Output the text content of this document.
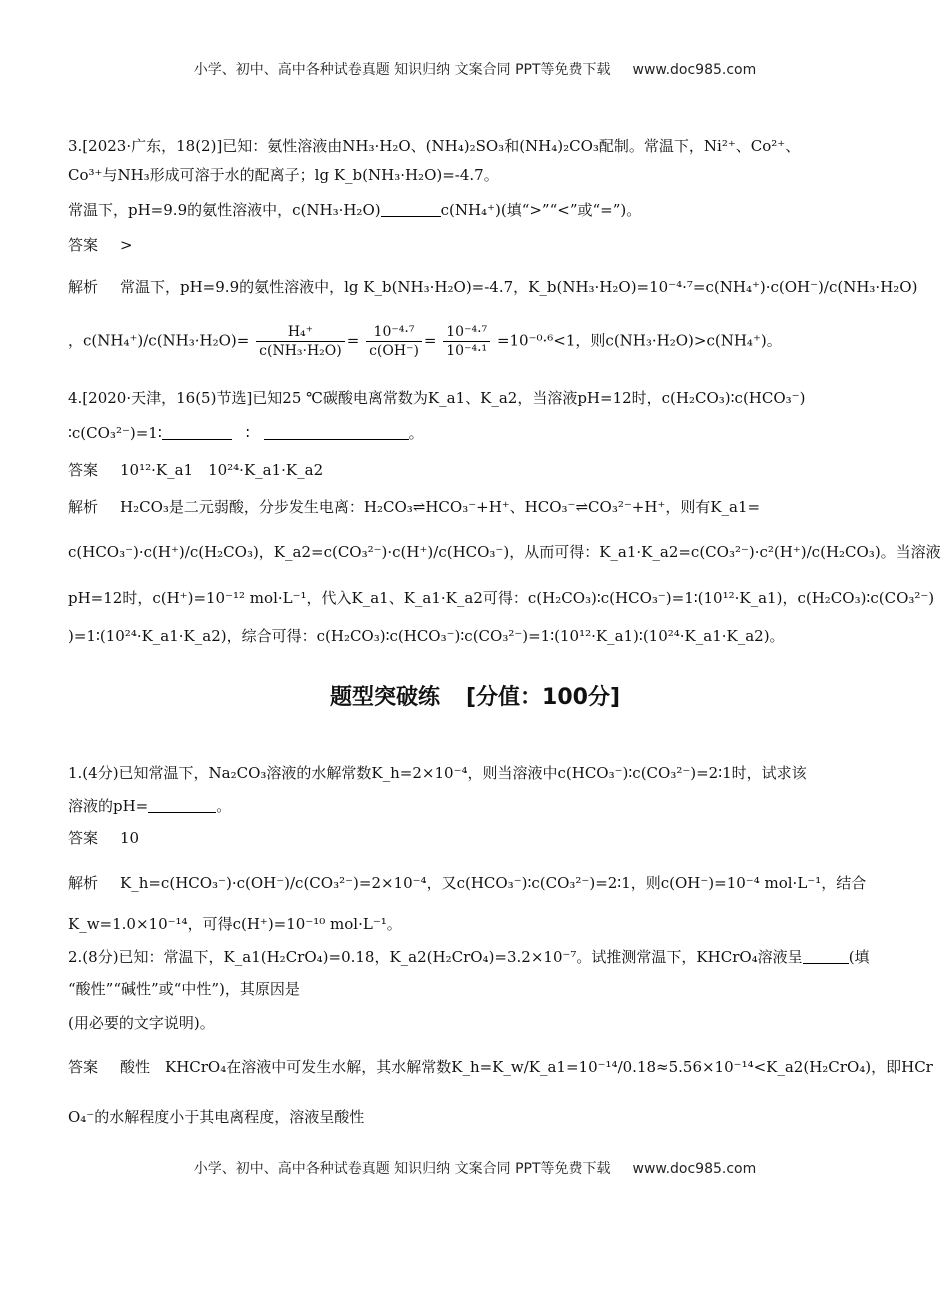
小学、初中、高中各种试卷真题 知识归纳 文案合同 PPT等免费下载 www.doc985.com
3.[2023·广东，18(2)]已知：氨性溶液由NH₃·H₂O、(NH₄)₂SO₃和(NH₄)₂CO₃配制。常温下，Ni²⁺、Co²⁺、
Co³⁺与NH₃形成可溶于水的配离子；lg K_b(NH₃·H₂O)=-4.7。
常温下，pH=9.9的氨性溶液中，c(NH₃·H₂O)	c(NH₄⁺)(填“>”“<”或“=”)。
答案 >
解析 常温下，pH=9.9的氨性溶液中，lg K_b(NH₃·H₂O)=-4.7，K_b(NH₃·H₂O)=10⁻⁴·⁷=c(NH₄⁺)·c(OH⁻)/c(NH₃·H₂O)
，$c(NH_4^+)/c(NH_3\cdot H_2O)= \frac{\text{H₄⁺}}{\text{c(NH₃·H₂O)}} = \frac{\text{10⁻⁴·⁷}}{c(OH^-)} = \frac{\text{10⁻⁴·⁷}}{\text{10⁻⁴·¹}} =10^{-0}\cdot^6<1$，则c(NH₃·H₂O)>c(NH₄⁺)。
4.[2020·天津，16(5)节选]已知25 ℃碳酸电离常数为K_a1、K_a2，当溶液pH=12时，c(H₂CO₃)∶c(HCO₃⁻)
∶c(CO₃²⁻)=1∶	∶	。
答案 10¹²·K_a1　10²⁴·K_a1·K_a2
解析 H₂CO₃是二元弱酸，分步发生电离：H₂CO₃⇌HCO₃⁻+H⁺、HCO₃⁻⇌CO₃²⁻+H⁺，则有K_a1=
c(HCO₃⁻)·c(H⁺)/c(H₂CO₃)，K_a2=c(CO₃²⁻)·c(H⁺)/c(HCO₃⁻)，从而可得：K_a1·K_a2=c(CO₃²⁻)·c²(H⁺)/c(H₂CO₃)。当溶液
pH=12时，c(H⁺)=10⁻¹² mol·L⁻¹，代入K_a1、K_a1·K_a2可得：c(H₂CO₃)∶c(HCO₃⁻)=1∶(10¹²·K_a1)，c(H₂CO₃)∶c(CO₃²⁻)
)=1∶(10²⁴·K_a1·K_a2)，综合可得：c(H₂CO₃)∶c(HCO₃⁻)∶c(CO₃²⁻)=1∶(10¹²·K_a1)∶(10²⁴·K_a1·K_a2)。
题型突破练 [分值：100分]
1.(4分)已知常温下，Na₂CO₃溶液的水解常数K_h=2×10⁻⁴，则当溶液中c(HCO₃⁻)∶c(CO₃²⁻)=2∶1时，试求该
溶液的pH=	。
答案 10
解析 K_h=c(HCO₃⁻)·c(OH⁻)/c(CO₃²⁻)=2×10⁻⁴，又c(HCO₃⁻)∶c(CO₃²⁻)=2∶1，则c(OH⁻)=10⁻⁴ mol·L⁻¹，结合
K_w=1.0×10⁻¹⁴，可得c(H⁺)=10⁻¹⁰ mol·L⁻¹。
2.(8分)已知：常温下，K_a1(H₂CrO₄)=0.18，K_a2(H₂CrO₄)=3.2×10⁻⁷。试推测常温下，KHCrO₄溶液呈	(填
“酸性”“碱性”或“中性”)，其原因是
(用必要的文字说明)。
答案 酸性　KHCrO₄在溶液中可发生水解，其水解常数K_h=K_w/K_a1=10⁻¹⁴/0.18≈5.56×10⁻¹⁴<K_a2(H₂CrO₄)，即HCr
O₄⁻的水解程度小于其电离程度，溶液呈酸性
小学、初中、高中各种试卷真题 知识归纳 文案合同 PPT等免费下载 www.doc985.com
